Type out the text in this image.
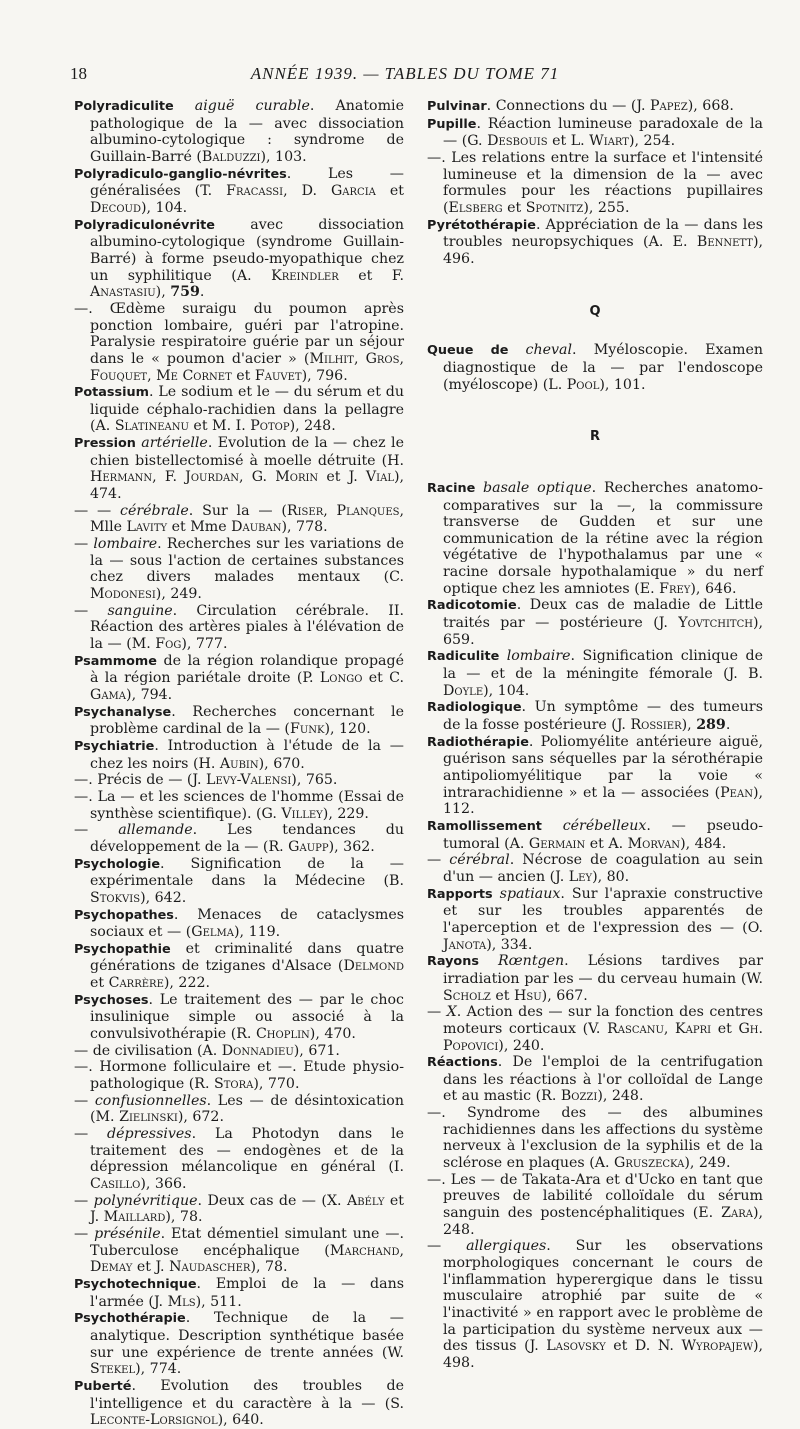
18	ANNÉE 1939. — TABLES DU TOME 71

Polyradiculite aiguë curable. Anatomie pathologique de la — avec dissociation albumino-cytologique : syndrome de Guillain-Barré (Balduzzi), 103.

Polyradiculo-ganglio-névrites. Les — généralisées (T. Fracassi, D. Garcia et Decoud), 104.

Polyradiculonévrite avec dissociation albumino-cytologique (syndrome Guillain-Barré) à forme pseudo-myopathique chez un syphilitique (A. Kreindler et F. Anastasiu), 759.

—. Œdème suraigu du poumon après ponction lombaire, guéri par l'atropine. Paralysie respiratoire guérie par un séjour dans le « poumon d'acier » (Milhit, Gros, Fouquet, Me Cornet et Fauvet), 796.

Potassium. Le sodium et le — du sérum et du liquide céphalo-rachidien dans la pellagre (A. Slatineanu et M. I. Potop), 248.

Pression artérielle. Evolution de la — chez le chien bistellectomisé à moelle détruite (H. Hermann, F. Jourdan, G. Morin et J. Vial), 474.

— — cérébrale. Sur la — (Riser, Planques, Mlle Lavity et Mme Dauban), 778.

— lombaire. Recherches sur les variations de la — sous l'action de certaines substances chez divers malades mentaux (C. Modonesi), 249.

— sanguine. Circulation cérébrale. II. Réaction des artères piales à l'élévation de la — (M. Fog), 777.

Psammome de la région rolandique propagé à la région pariétale droite (P. Longo et C. Gama), 794.

Psychanalyse. Recherches concernant le problème cardinal de la — (Funk), 120.

Psychiatrie. Introduction à l'étude de la — chez les noirs (H. Aubin), 670.

—. Précis de — (J. Levy-Valensi), 765.

—. La — et les sciences de l'homme (Essai de synthèse scientifique). (G. Villey), 229.

— allemande. Les tendances du développement de la — (R. Gaupp), 362.

Psychologie. Signification de la — expérimentale dans la Médecine (B. Stokvis), 642.

Psychopathes. Menaces de cataclysmes sociaux et — (Gelma), 119.

Psychopathie et criminalité dans quatre générations de tziganes d'Alsace (Delmond et Carrère), 222.

Psychoses. Le traitement des — par le choc insulinique simple ou associé à la convulsivothérapie (R. Choplin), 470.

— de civilisation (A. Donnadieu), 671.

—. Hormone folliculaire et —. Etude physio-pathologique (R. Stora), 770.

— confusionnelles. Les — de désintoxication (M. Zielinski), 672.

— dépressives. La Photodyn dans le traitement des — endogènes et de la dépression mélancolique en général (I. Casillo), 366.

— polynévritique. Deux cas de — (X. Abély et J. Maillard), 78.

— présénile. Etat démentiel simulant une —. Tuberculose encéphalique (Marchand, Demay et J. Naudascher), 78.

Psychotechnique. Emploi de la — dans l'armée (J. Mls), 511.

Psychothérapie. Technique de la — analytique. Description synthétique basée sur une expérience de trente années (W. Stekel), 774.

Puberté. Evolution des troubles de l'intelligence et du caractère à la — (S. Leconte-Lorsignol), 640.

Pulvinar. Connections du — (J. Papez), 668.

Pupille. Réaction lumineuse paradoxale de la — (G. Desbouis et L. Wiart), 254.

—. Les relations entre la surface et l'intensité lumineuse et la dimension de la — avec formules pour les réactions pupillaires (Elsberg et Spotnitz), 255.

Pyrétothérapie. Appréciation de la — dans les troubles neuropsychiques (A. E. Bennett), 496.

Q

Queue de cheval. Myéloscopie. Examen diagnostique de la — par l'endoscope (myéloscope) (L. Pool), 101.

R

Racine basale optique. Recherches anatomo-comparatives sur la —, la commissure transverse de Gudden et sur une communication de la rétine avec la région végétative de l'hypothalamus par une « racine dorsale hypothalamique » du nerf optique chez les amniotes (E. Frey), 646.

Radicotomie. Deux cas de maladie de Little traités par — postérieure (J. Yovtchitch), 659.

Radiculite lombaire. Signification clinique de la — et de la méningite fémorale (J. B. Doyle), 104.

Radiologique. Un symptôme — des tumeurs de la fosse postérieure (J. Rossier), 289.

Radiothérapie. Poliomyélite antérieure aiguë, guérison sans séquelles par la sérothérapie antipoliomyélitique par la voie « intrarachidienne » et la — associées (Pean), 112.

Ramollissement cérébelleux. — pseudo-tumoral (A. Germain et A. Morvan), 484.

— cérébral. Nécrose de coagulation au sein d'un — ancien (J. Ley), 80.

Rapports spatiaux. Sur l'apraxie constructive et sur les troubles apparentés de l'aperception et de l'expression des — (O. Janota), 334.

Rayons Rœntgen. Lésions tardives par irradiation par les — du cerveau humain (W. Scholz et Hsu), 667.

— X. Action des — sur la fonction des centres moteurs corticaux (V. Rascanu, Kapri et Gh. Popovici), 240.

Réactions. De l'emploi de la centrifugation dans les réactions à l'or colloïdal de Lange et au mastic (R. Bozzi), 248.

—. Syndrome des — des albumines rachidiennes dans les affections du système nerveux à l'exclusion de la syphilis et de la sclérose en plaques (A. Gruszecka), 249.

—. Les — de Takata-Ara et d'Ucko en tant que preuves de labilité colloïdale du sérum sanguin des postencéphalitiques (E. Zara), 248.

— allergiques. Sur les observations morphologiques concernant le cours de l'inflammation hyperergique dans le tissu musculaire atrophié par suite de « l'inactivité » en rapport avec le problème de la participation du système nerveux aux — des tissus (J. Lasovsky et D. N. Wyropajew), 498.
